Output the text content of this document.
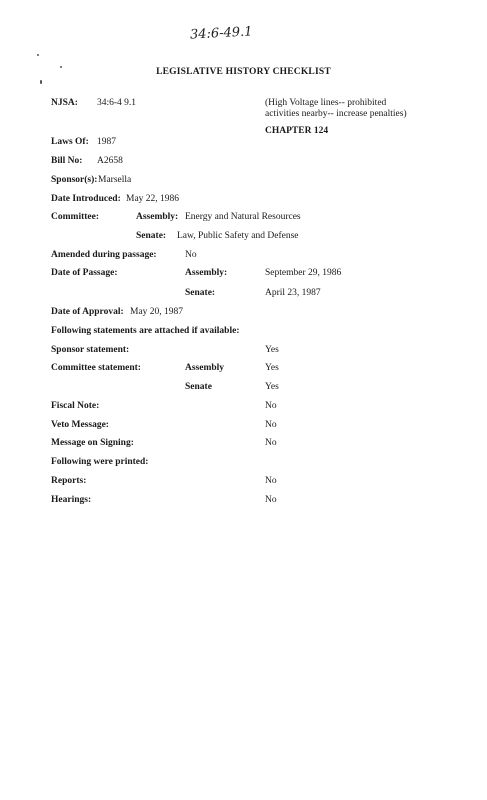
34:6-49.1
LEGISLATIVE HISTORY CHECKLIST
NJSA: 34:6-4 9.1	(High Voltage lines-- prohibited
activities nearby-- increase penalties)
CHAPTER 124
Laws Of: 1987
Bill No: A2658
Sponsor(s): Marsella
Date Introduced: May 22, 1986
Committee:	Assembly: Energy and Natural Resources
Senate: Law, Public Safety and Defense
Amended during passage:	No
Date of Passage:	Assembly:	September 29, 1986
Senate:	April 23, 1987
Date of Approval: May 20, 1987
Following statements are attached if available:
Sponsor statement:	Yes
Committee statement:	Assembly	Yes
Senate	Yes
Fiscal Note:	No
Veto Message:	No
Message on Signing:	No
Following were printed:
Reports:	No
Hearings:	No
